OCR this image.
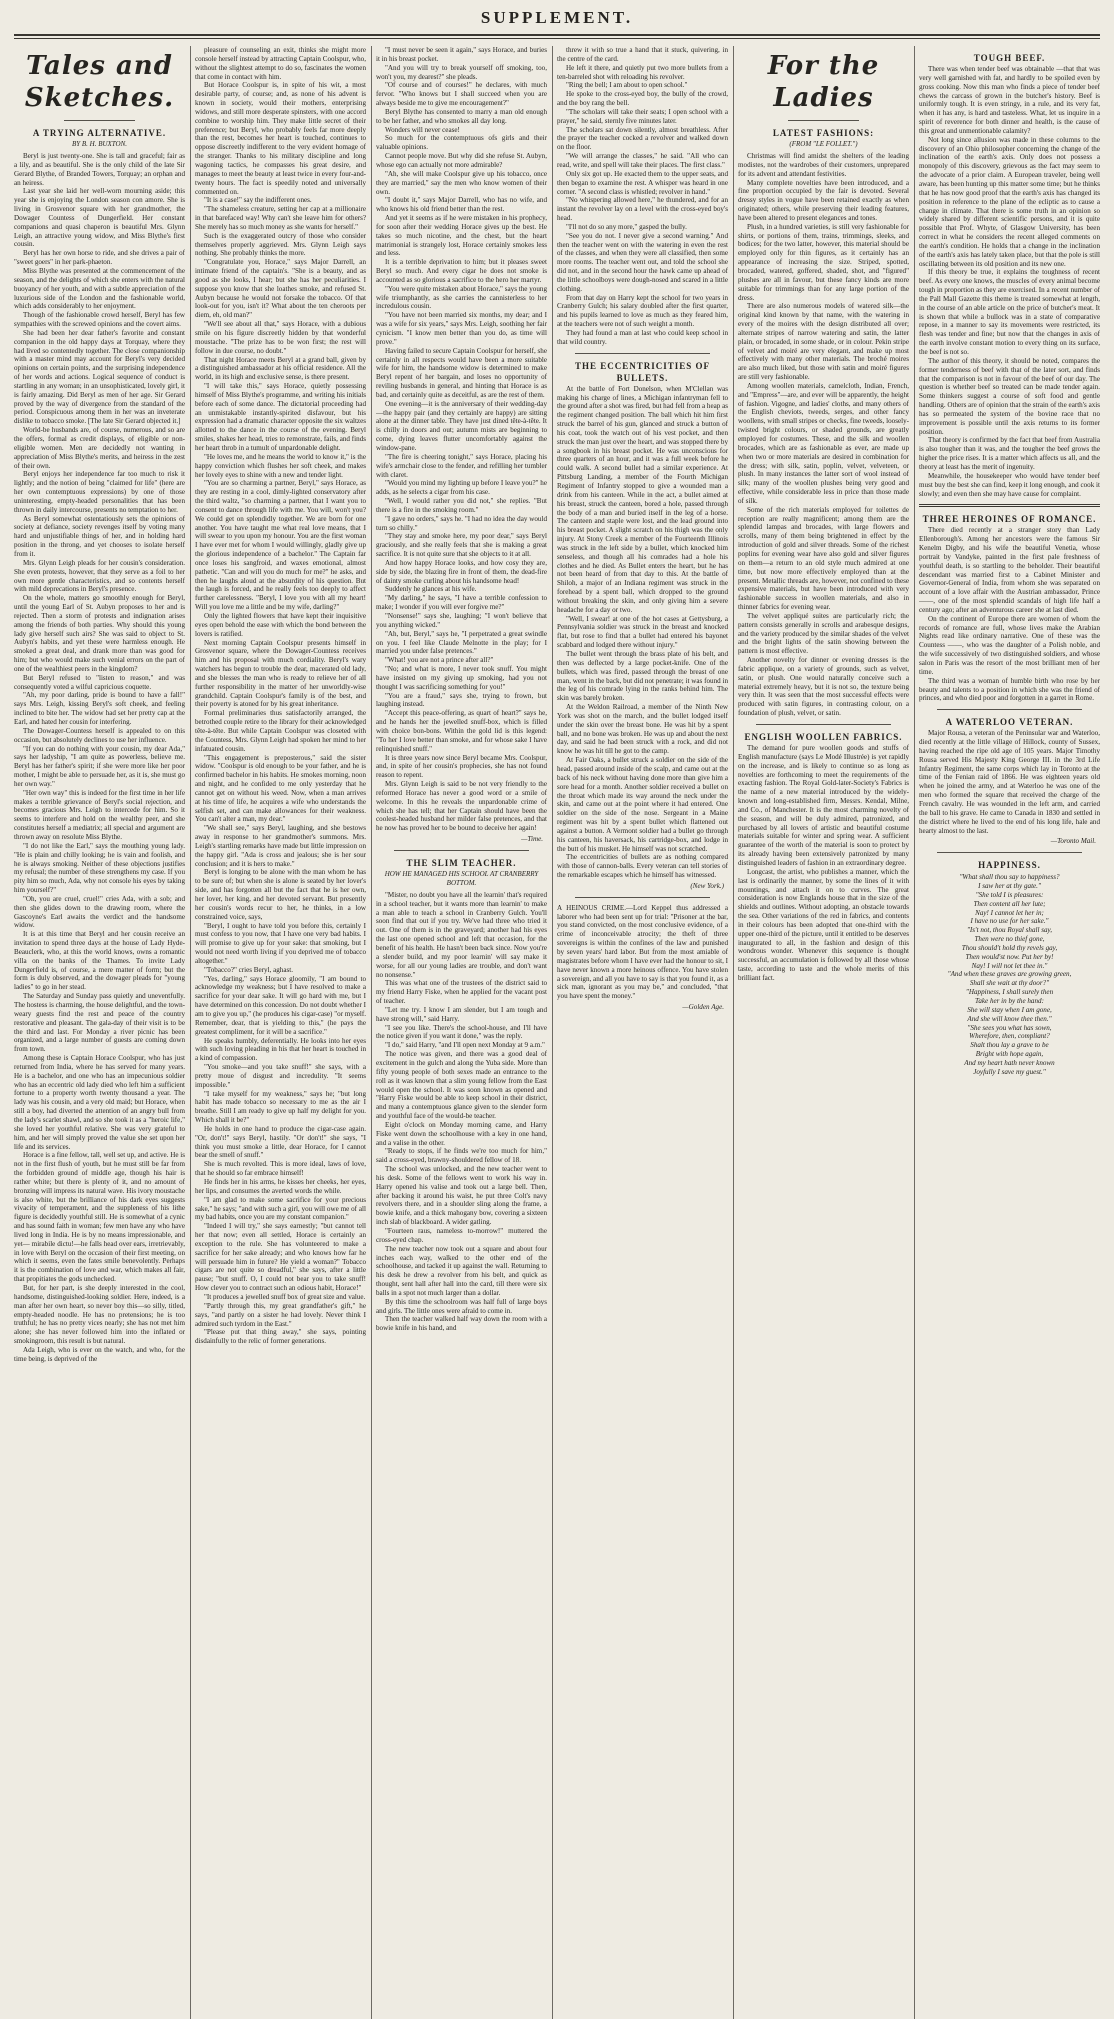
SUPPLEMENT.
Tales and Sketches.
A TRYING ALTERNATIVE.
BY B. H. BUXTON.

Beryl is just twenty-one. She is tall and graceful; fair as a lily, and as beautiful. She is the only child of the late Sir Gerard Blythe, of Branded Towers, Torquay; an orphan and an heiress.

Last year she laid her well-worn mourning aside; this year she is enjoying the London season con amore. She is living in Grosvenor square with her grandmother, the Dowager Countess of Dungerfield. Her constant companions and quasi chaperon is beautiful Mrs. Glynn Leigh, an attractive young widow, and Miss Blythe's first cousin.

Beryl has her own horse to ride, and she drives a pair of "sweet goers" in her park-phaeton.

Miss Blythe was presented at the commencement of the season, and the delights of which she enters with the natural buoyancy of her youth, and with a subtle appreciation of the luxurious side of the London and the fashionable world, which adds considerably to her enjoyment.

Though of the fashionable crowd herself, Beryl has few sympathies with the screwed opinions and the covert aims.

She had been her dear father's favorite and constant companion in the old happy days at Torquay, where they had lived so contentedly together. The close companionship with a master mind may account for Beryl's very decided opinions on certain points, and the surprising independence of her words and actions. Logical sequence of conduct is startling in any woman; in an unsophisticated, lovely girl, it is fairly amazing. Did Beryl as men of her age. Sir Gerard proved by the way of divergence from the standard of the period. Conspicuous among them in her was an inveterate dislike to tobacco smoke. [The late Sir Gerard objected it.]

World-be husbands are, of course, numerous, and so are the offers, formal as credit displays, of eligible or non-eligible women. Men are decidedly not wanting in appreciation of Miss Blythe's merits, and heiress in the zest of their own.

Beryl enjoys her independence far too much to risk it lightly; and the notion of being "claimed for life" (here are her own contemptuous expressions) by one of those uninteresting, empty-headed personalities that has been thrown in daily intercourse, presents no temptation to her.

As Beryl somewhat ostentatiously sets the opinions of society at defiance, society revenges itself by voting many hard and unjustifiable things of her, and in holding hard position in the throng, and yet chooses to isolate herself from it.

Mrs. Glynn Leigh pleads for her cousin's consideration. She even protests, however, that they serve as a foil to her own more gentle characteristics, and so contents herself with mild deprecations in Beryl's presence.

On the whole, matters go smoothly enough for Beryl, until the young Earl of St. Aubyn proposes to her and is rejected. Then a storm of protests and indignation arises among the friends of both parties. Why should this young lady give herself such airs? She was said to object to St. Aubyn's habits, and yet these were harmless enough. He smoked a great deal, and drank more than was good for him; but who would make such venial errors on the part of one of the wealthiest peers in the kingdom?

But Beryl refused to "listen to reason," and was consequently voted a wilful capricious coquette.

"Ah, my poor darling, pride is bound to have a fall!" says Mrs. Leigh, kissing Beryl's soft cheek, and feeling inclined to bite her. The widow had set her pretty cap at the Earl, and hated her cousin for interfering.

The Dowager-Countess herself is appealed to on this occasion, but absolutely declines to use her influence.

"If you can do nothing with your cousin, my dear Ada," says her ladyship, "I am quite as powerless, believe me. Beryl has her father's spirit; if she were more like her poor mother, I might be able to persuade her, as it is, she must go her own way."

"Her own way" this is indeed for the first time in her life makes a terrible grievance of Beryl's social rejection, and becomes gracious Mrs. Leigh to intercede for him. So it seems to interfere and hold on the wealthy peer, and she constitutes herself a mediatrix; all special and argument are thrown away on resolute Miss Blythe.

"I do not like the Earl," says the mouthing young lady. "He is plain and chilly looking; he is vain and foolish, and he is always smoking. Neither of these objections justifies my refusal; the number of these strengthens my case. If you pity him so much, Ada, why not console his eyes by taking him yourself?"

"Oh, you are cruel, cruel!" cries Ada, with a sob; and then she glides down to the drawing room, where the Gascoyne's Earl awaits the verdict and the handsome widow.

It is at this time that Beryl and her cousin receive an invitation to spend three days at the house of Lady Hyde-Beauclerk, who, at this the world knows, owns a romantic villa on the banks of the Thames. To invite Lady Dungerfield is, of course, a mere matter of form; but the form is duly observed, and the dowager pleads for "young ladies" to go in her stead.

The Saturday and Sunday pass quietly and uneventfully. The hostess is charming, the house delightful, and the town-weary guests find the rest and peace of the country restorative and pleasant. The gala-day of their visit is to be the third and last. For Monday a river picnic has been organized, and a large number of guests are coming down from town.

Among these is Captain Horace Coolspur, who has just returned from India, where he has served for many years. He is a bachelor, and one who has an impecunious soldier who has an eccentric old lady died who left him a sufficient fortune to a property worth twenty thousand a year. The lady was his cousin, and a very old maid; but Horace, when still a boy, had diverted the attention of an angry bull from the lady's scarlet shawl, and so she took it as a "heroic life," she loved her youthful relative. She was very grateful to him, and her will simply proved the value she set upon her life and its services.

Horace is a fine fellow, tall, well set up, and active. He is not in the first flush of youth, but he must still be far from the forbidden ground of middle age, though his hair is rather white; but there is plenty of it, and no amount of bronzing will impress its natural wave. His ivory moustache is also white, but the brilliance of his dark eyes suggests vivacity of temperament, and the suppleness of his lithe figure is decidedly youthful still. He is somewhat of a cynic and has sound faith in woman; few men have any who have lived long in India. He is by no means impressionable, and yet— mirabile dictu!—he falls head over ears, irretrievably, in love with Beryl on the occasion of their first meeting, on which it seems, even the fates smile benevolently. Perhaps it is the combination of love and war, which makes all fair, that propitiates the gods unchecked.

But, for her part, is she deeply interested in the cool, handsome, distinguished-looking soldier. Here, indeed, is a man after her own heart, so never boy this—so silly, titled, empty-headed noodle. He has no pretensions; he is too truthful; he has no pretty vices nearly; she has not met him alone; she has never followed him into the inflated or smokingroom, this result is but natural.

Ada Leigh, who is ever on the watch, and who, for the time being, is deprived of the

pleasure of counseling an exit, thinks she might more console herself instead by attracting Captain Coolspur, who, without the slightest attempt to do so, fascinates the women that come in contact with him.

But Horace Coolspur is, in spite of his wit, a most desirable party, of course; and, as none of his advent is known in society, would their mothers, enterprising widows, and still more desperate spinsters, with one accord combine to worship him. They make little secret of their preference; but Beryl, who probably feels far more deeply than the rest, becomes her heart is touched, continues to oppose discreetly indifferent to the very evident homage of the stranger. Thanks to his military discipline and long wagoning tactics, he compasses his great desire, and manages to meet the beauty at least twice in every four-and-twenty hours. The fact is speedily noted and universally commented on.

"It is a case!" say the indifferent ones.

"The shameless creature, setting her cap at a millionaire in that barefaced way! Why can't she leave him for others? She merely has so much money as she wants for herself."

Such is the exaggerated outcry of those who consider themselves properly aggrieved. Mrs. Glynn Leigh says nothing. She probably thinks the more.

"Congratulate you, Horace," says Major Darrell, an intimate friend of the captain's. "She is a beauty, and as good as she looks, I hear; but she has her peculiarities. I suppose you know that she loathes smoke, and refused St. Aubyn because he would not forsake the tobacco. Of that look-out for you, isn't it? What about the ten cheroots per diem, eh, old man?"

"We'll see about all that," says Horace, with a dubious smile on his figure discreetly hidden by that wonderful moustache. "The prize has to be won first; the rest will follow in due course, no doubt."

That night Horace meets Beryl at a grand ball, given by a distinguished ambassador at his official residence. All the world, in its high and exclusive sense, is there present.

"I will take this," says Horace, quietly possessing himself of Miss Blythe's programme, and writing his initials before each of some dance. The dictatorial proceeding had an unmistakable instantly-spirited disfavour, but his expression had a dramatic character opposite the six waltzes allotted to the dance in the course of the evening. Beryl smiles, shakes her head, tries to remonstrate, fails, and finds her heart throb in a tumult of unpardonable delight.

"He loves me, and he means the world to know it," is the happy conviction which flushes her soft cheek, and makes her lovely eyes to shine with a new and tender light.

"You are so charming a partner, Beryl," says Horace, as they are resting in a cool, dimly-lighted conservatory after the third waltz, "so charming a partner, that I want you to consent to dance through life with me. You will, won't you? We could get on splendidly together. We are born for one another. You have taught me what real love means, that I will swear to you upon my honour. You are the first woman I have ever met for whom I would willingly, gladly give up the glorious independence of a bachelor." The Captain far once loses his sangfroid, and waxes emotional, almost pathetic. "Can and will you do much for me?" he asks, and then he laughs aloud at the absurdity of his question. But the laugh is forced, and he really feels too deeply to affect further carelessness. "Beryl, I love you with all my heart! Will you love me a little and be my wife, darling?"

Only the lighted flowers that have kept their inquisitive eyes open behold the ease with which the bond between the lovers is ratified.

Next morning Captain Coolspur presents himself in Grosvenor square, where the Dowager-Countess receives him and his proposal with much cordiality. Beryl's wary watchers has begun to trouble the dear, macerated old lady, and she blesses the man who is ready to relieve her of all further responsibility in the matter of her unworldly-wise grandchild. Captain Coolspur's family is of the best, and their poverty is atoned for by his great inheritance.

Formal preliminaries thus satisfactorily arranged, the betrothed couple retire to the library for their acknowledged tête-à-tête. But while Captain Coolspur was closeted with the Countess, Mrs. Glynn Leigh had spoken her mind to her infatuated cousin.

"This engagement is preposterous," said the sister widow. "Coolspur is old enough to be your father, and he is confirmed bachelor in his habits. He smokes morning, noon and night, and he confided to me only yesterday that he cannot get on without his weed. Now, when a man arrives at his time of life, he acquires a wife who understands the selfish set, and can make allowances for their weakness. You can't alter a man, my dear."

"We shall see," says Beryl, laughing, and she bestows away in response to her grandmother's summons. Mrs. Leigh's startling remarks have made but little impression on the happy girl. "Ada is cross and jealous; she is her sour conclusion; and it is hers to make."

Beryl is longing to be alone with the man whom he has to be sure of; but when she is alone is seated by her lover's side, and has forgotten all but the fact that he is her own, her lover, her king, and her devoted servant. But presently her cousin's words recur to her, he thinks, in a low constrained voice, says,

"Beryl, I ought to have told you before this, certainly I must confess to you now, that I have one very bad habits. I will promise to give up for your sake: that smoking, but I would not need worth living if you deprived me of tobacco altogether."

"Tobacco?" cries Beryl, aghast.

"Yes, darling," says Horace gloomily, "I am bound to acknowledge my weakness; but I have resolved to make a sacrifice for your dear sake. It will go hard with me, but I have determined on this concession. Do not doubt whether I am to give you up," (he produces his cigar-case) "or myself. Remember, dear, that is yielding to this," (he pays the greatest compliment, for it will be a sacrifice."

He speaks humbly, deferentially. He looks into her eyes with such loving pleading in his that her heart is touched in a kind of compassion.

"You smoke—and you take snuff!" she says, with a pretty moue of disgust and incredulity. "It seems impossible."

"I take myself for my weakness," says he; "but long habit has made tobacco so necessary to me as the air I breathe. Still I am ready to give up half my delight for you. Which shall it be?"

He holds in one hand to produce the cigar-case again. "Or, don't!" says Beryl, hastily. "Or don't!" she says, "I think you must smoke a little, dear Horace, for I cannot bear the smell of snuff."

She is much revolted. This is more ideal, laws of love, that he should so far embrace himself!

He finds her in his arms, he kisses her cheeks, her eyes, her lips, and consumes the averted words the while.

"I am glad to make some sacrifice for your precious sake," he says; "and with such a girl, you will owe me of all my bad habits, once you are my constant companion."

"Indeed I will try," she says earnestly; "but cannot tell her that now; even all settled, Horace is certainly an exception to the rule. She has volunteered to make a sacrifice for her sake already; and who knows how far he will persuade him in future? He yield a woman?" Tobacco cigars are not quite so dreadful," she says, after a little pause; "but snuff. O, I could not bear you to take snuff! How clever you to contract such an odious habit, Horace!"

"It produces a jewelled snuff box of great size and value.

"Partly through this, my great grandfather's gift," he says, "and partly on a sister he had lovely. Never think I admired such tyrdom in the East."

"Please put that thing away," she says, pointing disdainfully to the relic of former generations.

"I must never be seen it again," says Horace, and buries it in his breast pocket.

"And you will try to break yourself off smoking, too, won't you, my dearest?" she pleads.

"Of course and of courses!" he declares, with much fervor. "Who knows but I shall succeed when you are always beside me to give me encouragement?"

Beryl Blythe has consented to marry a man old enough to be her father, and who smokes all day long.

Wonders will never cease!

So much for the contemptuous ofs girls and their valuable opinions.

Cannot people move. But why did she refuse St. Aubyn, whose ego can actually not more admirable?

"Ah, she will make Coolspur give up his tobacco, once they are married," say the men who know women of their own.

"I doubt it," says Major Darrell, who has no wife, and who knows his old friend better than the rest.

And yet it seems as if he were mistaken in his prophecy, for soon after their wedding Horace gives up the best. He takes so much nicotine, and the chest, but the heart matrimonial is strangely lost, Horace certainly smokes less and less.

It is a terrible deprivation to him; but it pleases sweet Beryl so much. And every cigar he does not smoke is accounted as so glorious a sacrifice to the hero her martyr.

"You were quite mistaken about Horace," says the young wife triumphantly, as she carries the cannisterless to her incredulous cousin.

"You have not been married six months, my dear; and I was a wife for six years," says Mrs. Leigh, soothing her fair cynicism. "I know men better than you do, as time will prove."

Having failed to secure Captain Coolspur for herself, she certainly in all respects would have been a more suitable wife for him, the handsome widow is determined to make Beryl repent of her bargain, and loses no opportunity of reviling husbands in general, and hinting that Horace is as bad, and certainly quite as deceitful, as are the rest of them.

One evening—it is the anniversary of their wedding-day—the happy pair (and they certainly are happy) are sitting alone at the dinner table. They have just dined tête-à-tête. It is chilly in doors and out; autumn mists are beginning to come, dying leaves flutter uncomfortably against the window-pane.

"The fire is cheering tonight," says Horace, placing his wife's armchair close to the fender, and refilling her tumbler with claret.

"Would you mind my lighting up before I leave you?" he adds, as he selects a cigar from his case.

"Well, I would rather you did not," she replies. "But there is a fire in the smoking room."

"I gave no orders," says he. "I had no idea the day would turn so chilly."

"They stay and smoke here, my poor dear," says Beryl graciously, and she really feels that she is making a great sacrifice. It is not quite sure that she objects to it at all.

And how happy Horace looks, and how cosy they are, side by side, the blazing fire in front of them, the dead-fire of dainty smoke curling about his handsome head!

Suddenly he glances at his wife.

"My darling," he says, "I have a terrible confession to make; I wonder if you will ever forgive me?"

"Nonsense!" says she, laughing; "I won't believe that you anything wicked."

"Ah, but, Beryl," says he, "I perpetrated a great swindle on you. I feel like Claude Melnotte in the play; for I married you under false pretences."

"What! you are not a prince after all?"

"No; and what is more, I never took snuff. You might have insisted on my giving up smoking, had you not thought I was sacrificing something for you!"

"You are a fraud," says she, trying to frown, but laughing instead.

"Accept this peace-offering, as quart of heart?" says he, and he hands her the jewelled snuff-box, which is filled with choice bon-bons. Within the gold lid is this legend: "To her I love better than smoke, and for whose sake I have relinquished snuff."

It is three years now since Beryl became Mrs. Coolspur, and, in spite of her cousin's prophecies, she has not found reason to repent.

Mrs. Glynn Leigh is said to be not very friendly to the reformed Horace has never a good word or a smile of welcome. In this he reveals the unpardonable crime of which she has tell; that her Captain should have been the coolest-headed husband her milder false pretences, and that he now has proved her to be bound to deceive her again!

—Time.
THE SLIM TEACHER.
HOW HE MANAGED HIS SCHOOL AT CRANBERRY BOTTOM.

"Mister, no doubt you have all the learnin' that's required in a school teacher, but it wants more than learnin' to make a man able to teach a school in Cranberry Gulch. You'll soon find that out if you try. We've had three who tried it out. One of them is in the graveyard; another had his eyes the last one opened school and left that occasion, for the benefit of his health. He hasn't been back since. Now you're a slender build, and my poor learnin' will say make it worse, for all our young ladies are trouble, and don't want no nonsense."

This was what one of the trustees of the district said to my friend Harry Fiske, when he applied for the vacant post of teacher.

"Let me try. I know I am slender, but I am tough and have strong will," said Harry.

"I see you like. There's the school-house, and I'll have the notice given if you want it done," was the reply.

"I do," said Harry, "and I'll open next Monday at 9 a.m."

The notice was given, and there was a good deal of excitement in the gulch and along the Yuba side. More than fifty young people of both sexes made an entrance to the roll as it was known that a slim young fellow from the East would open the school. It was soon known as opened and "Harry Fiske would be able to keep school in their district, and many a contemptuous glance given to the slender form and youthful face of the would-be teacher.

Eight o'clock on Monday morning came, and Harry Fiske went down the schoolhouse with a key in one hand, and a valise in the other.

"Ready to stops, if he finds we're too much for him," said a cross-eyed, brawny-shouldered fellow of 18.

The school was unlocked, and the new teacher went to his desk. Some of the fellows went to work his way in. Harry opened his valise and took out a large bell. Then, after backing it around his waist, he put three Colt's navy revolvers there, and in a shoulder sling along the frame, a bowie knife, and a thick mahogany bow, covering a sixteen inch slab of blackboard. A wider gatling.

"Fourteen raus, nameless to-morrow!" muttered the cross-eyed chap.

The new teacher now took out a square and about four inches each way, walked to the other end of the schoolhouse, and tacked it up against the wall. Returning to his desk he drew a revolver from his belt, and quick as thought, sent hall after hall into the card, till there were six balls in a spot not much larger than a dollar.

By this time the schoolroom was half full of large boys and girls. The little ones were afraid to come in.

Then the teacher walked half way down the room with a bowie knife in his hand, and

threw it with so true a hand that it stuck, quivering, in the centre of the card.

He left it there, and quietly put two more bullets from a ten-barreled shot with reloading his revolver.

"Ring the bell; I am about to open school."

He spoke to the cross-eyed boy, the bully of the crowd, and the boy rang the bell.

"The scholars will take their seats; I open school with a prayer," he said, sternly five minutes later.

The scholars sat down silently, almost breathless. After the prayer the teacher cocked a revolver and walked down on the floor.

"We will arrange the classes," he said. "All who can read, write, and spell will take their places. The first class."

Only six got up. He exacted them to the upper seats, and then began to examine the rest. A whisper was heard in one corner. "A second class is whistled; revolver in hand."

"No whispering allowed here," he thundered, and for an instant the revolver lay on a level with the cross-eyed boy's head.

"I'll not do so any more," gasped the bully.

"See you do not. I never give a second warning." And then the teacher went on with the watering in even the rest of the classes, and when they were all classified, then some more rooms. The teacher went out, and told the school she did not, and in the second hour the hawk came up ahead of the little schoolboys were dough-nosed and scared in a little clothing.

From that day on Harry kept the school for two years in Cranberry Gulch; his salary doubled after the first quarter, and his pupils learned to love as much as they feared him, at the teachers were not of such weight a month.

They had found a man at last who could keep school in that wild country.

THE ECCENTRICITIES OF BULLETS.

At the battle of Fort Donelson, when M'Clellan was making his charge of lines, a Michigan infantryman fell to the ground after a shot was fired, but had fell from a heap as the regiment changed position. The ball which hit him first struck the barrel of his gun, glanced and struck a button of his coat, took the watch out of his vest pocket, and then struck the man just over the heart, and was stopped there by a songbook in his breast pocket. He was unconscious for three quarters of an hour, and it was a full week before he could walk. A second bullet had a similar experience. At Pittsburg Landing, a member of the Fourth Michigan Regiment of Infantry stopped to give a wounded man a drink from his canteen. While in the act, a bullet aimed at his breast, struck the canteen, bored a hole, passed through the body of a man and buried itself in the leg of a horse. The canteen and staple were lost, and the lead ground into his breast pocket. A slight scratch on his thigh was the only injury. At Stony Creek a member of the Fourteenth Illinois was struck in the left side by a bullet, which knocked him senseless, and though all his comrades had a hole his clothes and he died. As Bullet enters the heart, but he has not been heard of from that day to this. At the battle of Shiloh, a major of an Indiana regiment was struck in the forehead by a spent ball, which dropped to the ground without breaking the skin, and only giving him a severe headache for a day or two.

"Well, I swear! at one of the hot cases at Gettysburg, a Pennsylvania soldier was struck in the breast and knocked flat, but rose to find that a bullet had entered his bayonet scabbard and lodged there without injury."

The bullet went through the brass plate of his belt, and then was deflected by a large pocket-knife. One of the bullets, which was fired, passed through the breast of one man, went in the back, but did not penetrate; it was found in the leg of his comrade lying in the ranks behind him. The skin was barely broken.

At the Weldon Railroad, a member of the Ninth New York was shot on the march, and the bullet lodged itself under the skin over the breast bone. He was hit by a spent ball, and no bone was broken. He was up and about the next day, and said he had been struck with a rock, and did not know he was hit till he got to the camp.

At Fair Oaks, a bullet struck a soldier on the side of the head, passed around inside of the scalp, and came out at the back of his neck without having done more than give him a sore head for a month. Another soldier received a bullet on the throat which made its way around the neck under the skin, and came out at the point where it had entered. One soldier on the side of the nose. Sergeant in a Maine regiment was hit by a spent bullet which flattened out against a button. A Vermont soldier had a bullet go through his canteen, his haversack, his cartridge-box, and lodge in the butt of his musket. He himself was not scratched.

The eccentricities of bullets are as nothing compared with those of cannon-balls. Every veteran can tell stories of the remarkable escapes which he himself has witnessed.

(New York.)

A HEINOUS CRIME.—Lord Keppel thus addressed a laborer who had been sent up for trial: "Prisoner at the bar, you stand convicted, on the most conclusive evidence, of a crime of inconceivable atrocity; the theft of three sovereigns is within the confines of the law and punished by seven years' hard labor. But from the most amiable of magistrates before whom I have ever had the honour to sit, I have never known a more heinous offence. You have stolen a sovereign, and all you have to say is that you found it, as a sick man, ignorant as you may be," and concluded, "that you have spent the money."

—Golden Age.
For the Ladies
LATEST FASHIONS:
(FROM "LE FOLLET.")

Christmas will find amidst the shelters of the leading modistes, not the wardrobes of their customers, unprepared for its advent and attendant festivities.

Many complete novelties have been introduced, and a fine proportion occupied by the fair is devoted. Several dressy styles in vogue have been retained exactly as when originated; others, while preserving their leading features, have been altered to present elegances and tones.

Plush, in a hundred varieties, is still very fashionable for shirts, or portions of them, trains, trimmings, sleeks, and bodices; for the two latter, however, this material should be employed only for thin figures, as it certainly has an appearance of increasing the size. Striped, spotted, brocaded, watered, goffered, shaded, shot, and "figured" plushes are all in favour, but these fancy kinds are more suitable for trimmings than for any large portion of the dress.

There are also numerous models of watered silk—the original kind known by that name, with the watering in every of the moires with the design distributed all over; alternate stripes of narrow watering and satin, the latter plain, or brocaded, in some shade, or in colour. Pekin stripe of velvet and moiré are very elegant, and make up most effectively with many other materials. The broché moires are also much liked, but those with satin and moiré figures are still very fashionable.

Among woollen materials, camelcloth, Indian, French, and "Empress"—are, and ever will be apparently, the height of fashion. Vigogne, and ladies' cloths, and many others of the English cheviots, tweeds, serges, and other fancy woollens, with small stripes or checks, fine tweeds, loosely-twisted bright colours, or shaded grounds, are greatly employed for costumes. These, and the silk and woollen brocades, which are as fashionable as ever, are made up when two or more materials are desired in combination for the dress; with silk, satin, poplin, velvet, velveteen, or plush. In many instances the latter sort of wool instead of silk; many of the woollen plushes being very good and effective, while considerable less in price than those made of silk.

Some of the rich materials employed for toilettes de reception are really magnificent; among them are the splendid lampas and brocades, with large flowers and scrolls, many of them being brightened in effect by the introduction of gold and silver threads. Some of the richest poplins for evening wear have also gold and silver figures on them—a return to an old style much admired at one time, but now more effectively employed than at the present. Metallic threads are, however, not confined to these expensive materials, but have been introduced with very fashionable success in woollen materials, and also in thinner fabrics for evening wear.

The velvet appliqué suites are particularly rich; the pattern consists generally in scrolls and arabesque designs, and the variety produced by the similar shades of the velvet and the bright lights of the satin showing between the pattern is most effective.

Another novelty for dinner or evening dresses is the fabric applique, on a variety of grounds, such as velvet, satin, or plush. One would naturally conceive such a material extremely heavy, but it is not so, the texture being very thin. It was seen that the most successful effects were produced with satin figures, in contrasting colour, on a foundation of plush, velvet, or satin.

ENGLISH WOOLLEN FABRICS.

The demand for pure woollen goods and stuffs of English manufacture (says Le Modé Illustrée) is yet rapidly on the increase, and is likely to continue so as long as novelties are forthcoming to meet the requirements of the exacting fashion. The Royal Gold-later-Society's Fabrics is the name of a new material introduced by the widely-known and long-established firm, Messrs. Kendal, Milne, and Co., of Manchester. It is the most charming novelty of the season, and will be duly admired, patronized, and purchased by all lovers of artistic and beautiful costume materials suitable for winter and spring wear. A sufficient guarantee of the worth of the material is soon to protect by its already having been extensively patronized by many distinguished leaders of fashion in an extraordinary degree.

Longcast, the artist, who publishes a manner, which the last is ordinarily the manner, by some the lines of it with mountings, and attach it on to curves. The great consideration is now Englands house that in the size of the shields and outlines. Without adopting, an obstacle towards the sea. Other variations of the red in fabrics, and contents in their colours has been adopted that one-third with the upper one-third of the picture, until it entitled to be deserves inaugurated to all, in the fashion and design of this wondrous wonder. Whenever this sequence is thought successful, an accumulation is followed by all those whose taste, according to taste and the whole merits of this brilliant fact.

TOUGH BEEF.

There was when tender beef was obtainable —that that was very well garnished with fat, and hardly to be spoiled even by gross cooking. Now this man who finds a piece of tender beef chews the carcass of grown in the butcher's history. Beef is uniformly tough. It is even stringy, in a rule, and its very fat, when it has any, is hard and tasteless. What, let us inquire in a spirit of reverence for both dinner and health, is the cause of this great and unmentionable calamity?

Not long since allusion was made in these columns to the discovery of an Ohio philosopher concerning the change of the inclination of the earth's axis. Only does not possess a monopoly of this discovery, grievous as the fact may seem to the advocate of a prior claim. A European traveler, being well aware, has been hunting up this matter some time; but he thinks that he has now good proof that the earth's axis has changed its position in reference to the plane of the ecliptic as to cause a change in climate. That there is some truth in an opinion so widely shared by different scientific persons, and it is quite possible that Prof. Whyte, of Glasgow University, has been correct in what he considers the recent alleged comments on the earth's condition. He holds that a change in the inclination of the earth's axis has lately taken place, but that the pole is still oscillating between its old position and its new one.

If this theory be true, it explains the toughness of recent beef. As every one knows, the muscles of every animal become tough in proportion as they are exercised. In a recent number of the Pall Mall Gazette this theme is treated somewhat at length, in the course of an able article on the price of butcher's meat. It is shown that while a bullock was in a state of comparative repose, in a manner to say its movements were restricted, its flesh was tender and fine; but now that the changes in axis of the earth involve constant motion to every thing on its surface, the beef is not so.

The author of this theory, it should be noted, compares the former tenderness of beef with that of the later sort, and finds that the comparison is not in favour of the beef of our day. The question is whether beef so treated can be made tender again. Some thinkers suggest a course of soft food and gentle handling. Others are of opinion that the strain of the earth's axis has so permeated the system of the bovine race that no improvement is possible until the axis returns to its former position.

That theory is confirmed by the fact that beef from Australia is also tougher than it was, and the tougher the beef grows the higher the price rises. It is a matter which affects us all, and the theory at least has the merit of ingenuity.

Meanwhile, the housekeeper who would have tender beef must buy the best she can find, keep it long enough, and cook it slowly; and even then she may have cause for complaint.

THREE HEROINES OF ROMANCE.

There died recently at a stranger story than Lady Ellenborough's. Among her ancestors were the famous Sir Kenelm Digby, and his wife the beautiful Venetia, whose portrait by Vandyke, painted in the first pale freshness of youthful death, is so startling to the beholder. Their beautiful descendant was married first to a Cabinet Minister and Governor-General of India, from whom she was separated on account of a love affair with the Austrian ambassador, Prince ——, one of the most splendid scandals of high life half a century ago; after an adventurous career she at last died.

On the continent of Europe there are women of whom the records of romance are full, whose lives make the Arabian Nights read like ordinary narrative. One of these was the Countess ——, who was the daughter of a Polish noble, and the wife successively of two distinguished soldiers, and whose salon in Paris was the resort of the most brilliant men of her time.

The third was a woman of humble birth who rose by her beauty and talents to a position in which she was the friend of princes, and who died poor and forgotten in a garret in Rome.

A WATERLOO VETERAN.

Major Rousa, a veteran of the Peninsular war and Waterloo, died recently at the little village of Hillock, county of Sussex, having reached the ripe old age of 105 years. Major Timothy Rousa served His Majesty King George III. in the 3rd Life Infantry Regiment, the same corps which lay in Toronto at the time of the Fenian raid of 1866. He was eighteen years old when he joined the army, and at Waterloo he was one of the men who formed the square that received the charge of the French cavalry. He was wounded in the left arm, and carried the ball to his grave. He came to Canada in 1830 and settled in the district where he lived to the end of his long life, hale and hearty almost to the last.

—Toronto Mail.
HAPPINESS.
"What shall thou say to happiness?
I saw her at thy gate."
"She told I is pleasures:
Then content all her lute;
Nay! I cannot let her in;
I have no use for her sake."
"Is't not, thou Royal shall say,
Then were no thief gone,
Thou should't hold thy revels gay,
Then would'st now. Put her by!
Nay! I will not let thee in."
"And when these graves are growing green,
Shall she wait at thy door?"
"Happiness, I shall surely then
Take her in by the hand:
She will stay when I am gone,
And she will know thee then."
"She sees you what has sown,
Wherefore, then, compliant?
Shalt thou lay a grave to be
Bright with hope again,
And my heart hath never known
Joyfully I save my guest."
